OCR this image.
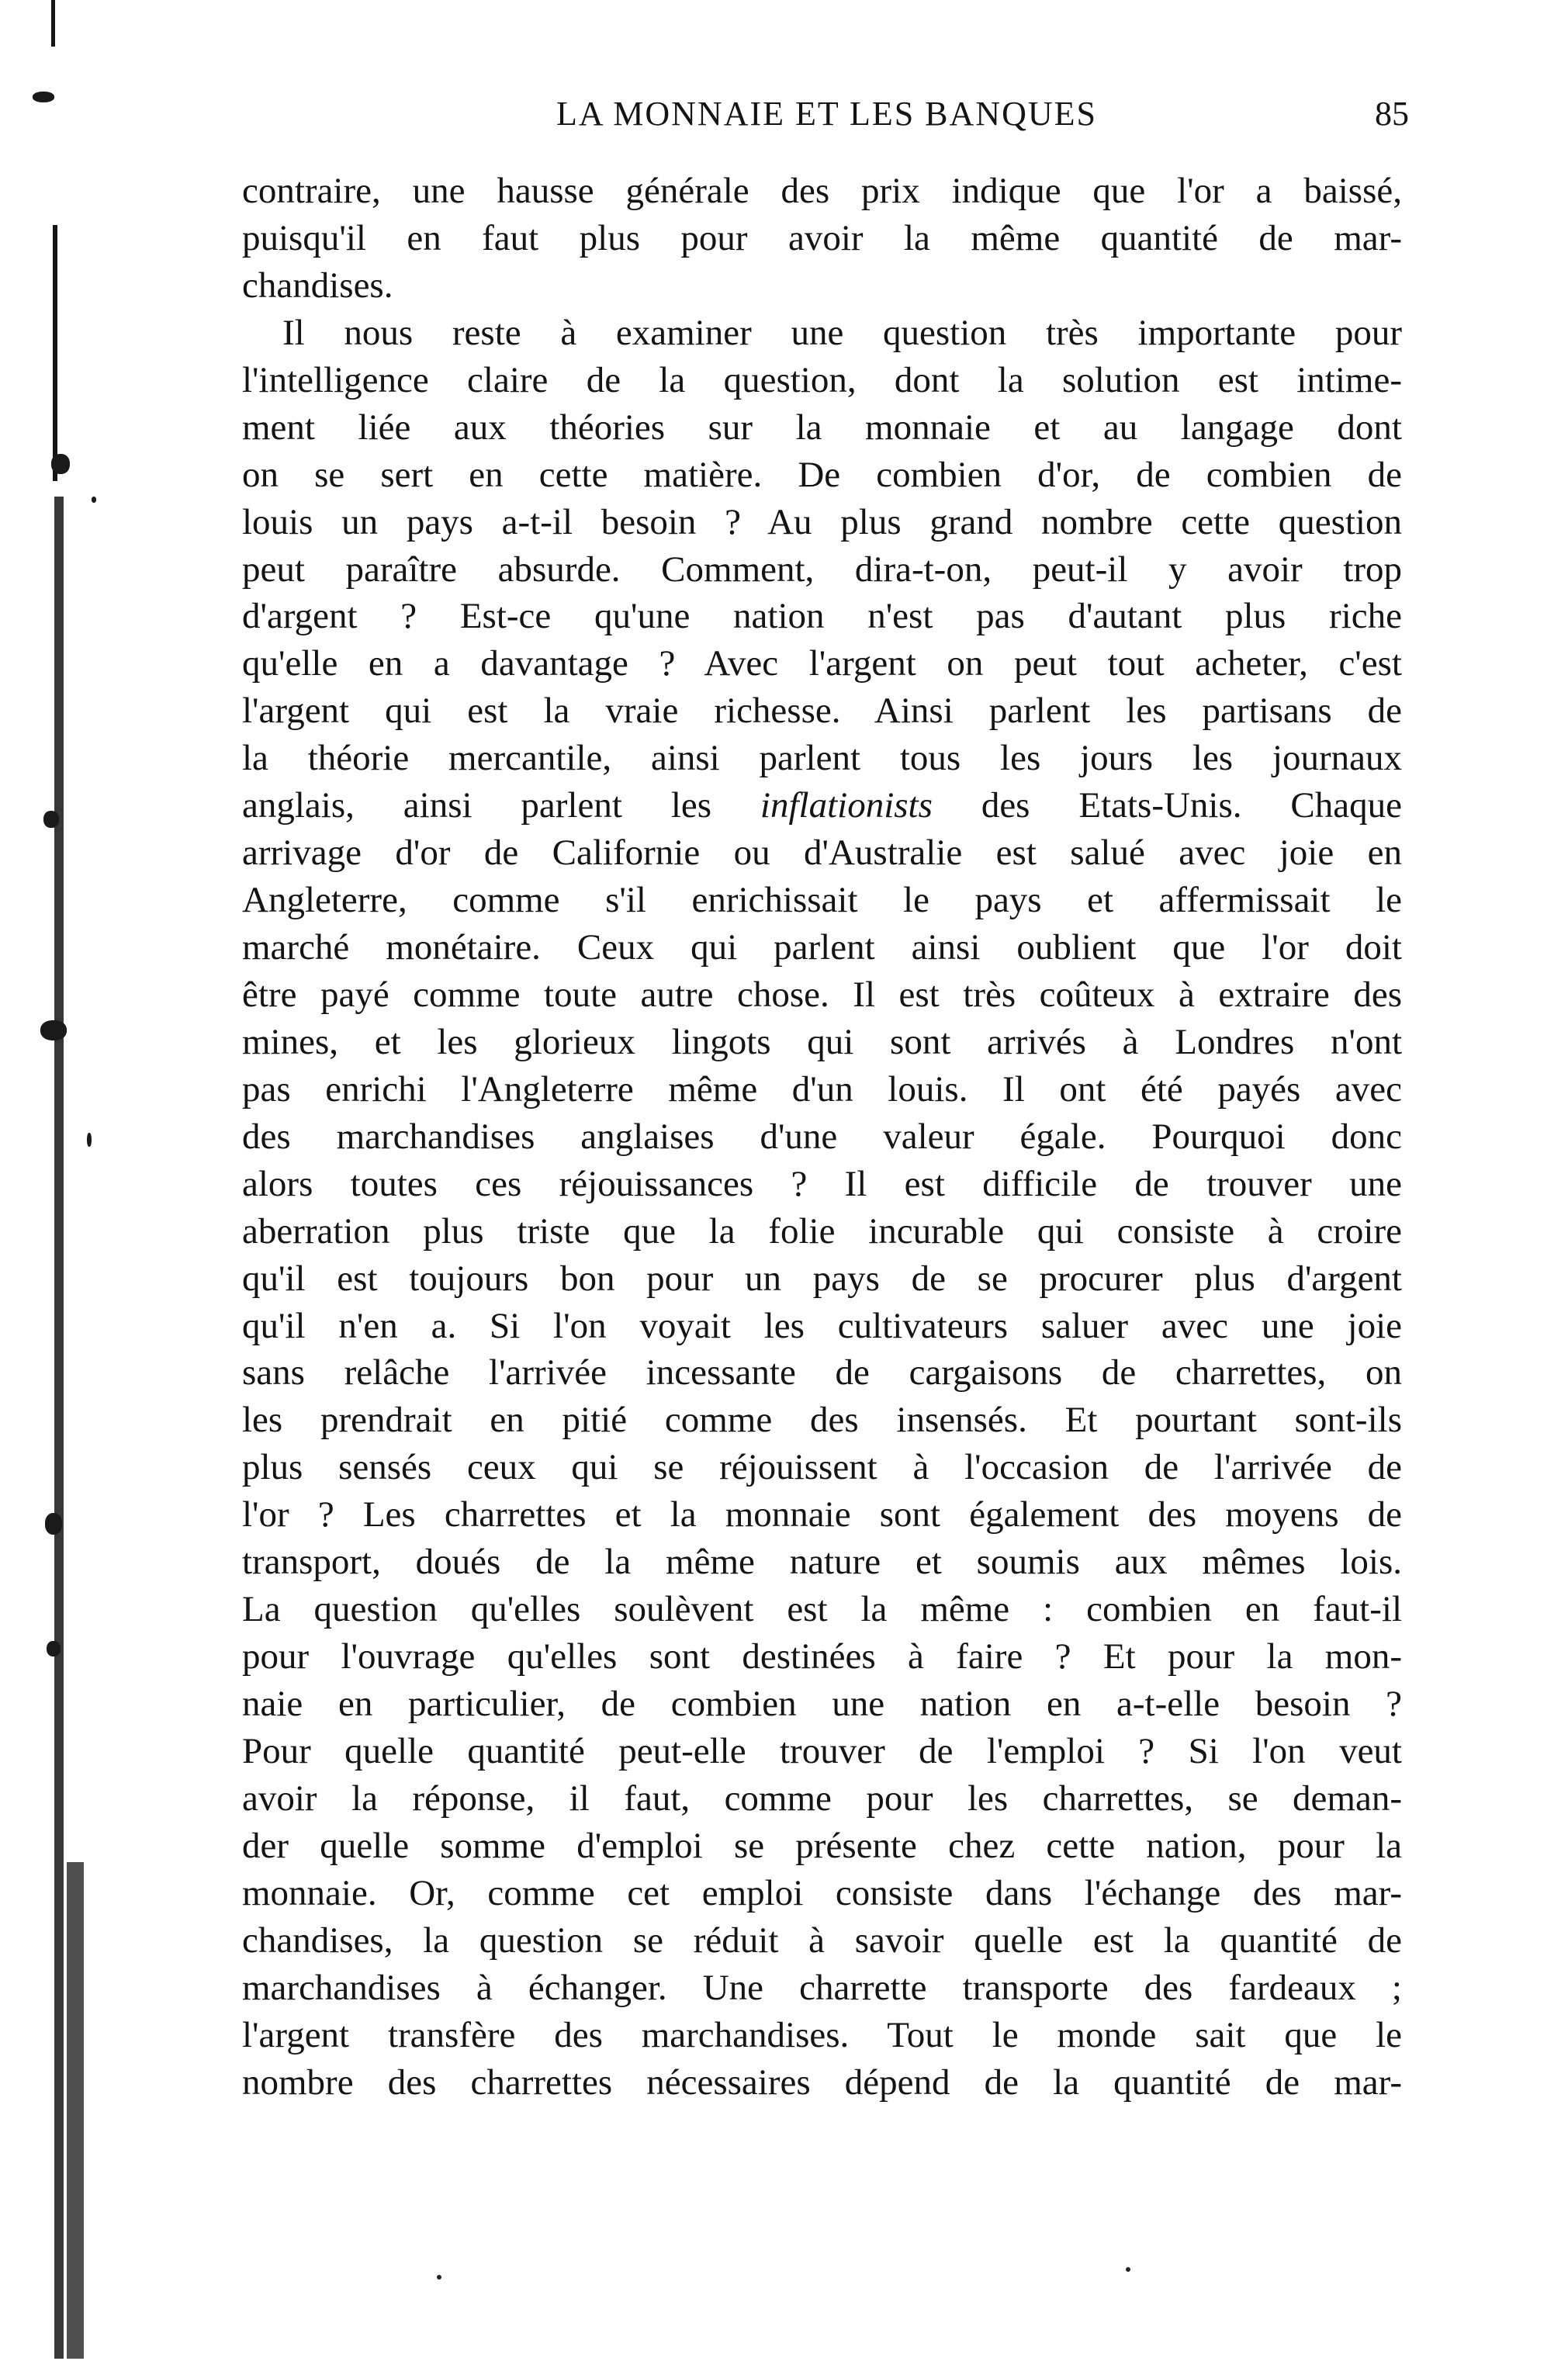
LA MONNAIE ET LES BANQUES	85
contraire, une hausse générale des prix indique que l'or a baissé,
puisqu'il en faut plus pour avoir la même quantité de mar-
chandises.
Il nous reste à examiner une question très importante pour
l'intelligence claire de la question, dont la solution est intime-
ment liée aux théories sur la monnaie et au langage dont
on se sert en cette matière. De combien d'or, de combien de
louis un pays a-t-il besoin ? Au plus grand nombre cette question
peut paraître absurde. Comment, dira-t-on, peut-il y avoir trop
d'argent ? Est-ce qu'une nation n'est pas d'autant plus riche
qu'elle en a davantage ? Avec l'argent on peut tout acheter, c'est
l'argent qui est la vraie richesse. Ainsi parlent les partisans de
la théorie mercantile, ainsi parlent tous les jours les journaux
anglais, ainsi parlent les inflationists des Etats-Unis. Chaque
arrivage d'or de Californie ou d'Australie est salué avec joie en
Angleterre, comme s'il enrichissait le pays et affermissait le
marché monétaire. Ceux qui parlent ainsi oublient que l'or doit
être payé comme toute autre chose. Il est très coûteux à extraire des
mines, et les glorieux lingots qui sont arrivés à Londres n'ont
pas enrichi l'Angleterre même d'un louis. Il ont été payés avec
des marchandises anglaises d'une valeur égale. Pourquoi donc
alors toutes ces réjouissances ? Il est difficile de trouver une
aberration plus triste que la folie incurable qui consiste à croire
qu'il est toujours bon pour un pays de se procurer plus d'argent
qu'il n'en a. Si l'on voyait les cultivateurs saluer avec une joie
sans relâche l'arrivée incessante de cargaisons de charrettes, on
les prendrait en pitié comme des insensés. Et pourtant sont-ils
plus sensés ceux qui se réjouissent à l'occasion de l'arrivée de
l'or ? Les charrettes et la monnaie sont également des moyens de
transport, doués de la même nature et soumis aux mêmes lois.
La question qu'elles soulèvent est la même : combien en faut-il
pour l'ouvrage qu'elles sont destinées à faire ? Et pour la mon-
naie en particulier, de combien une nation en a-t-elle besoin ?
Pour quelle quantité peut-elle trouver de l'emploi ? Si l'on veut
avoir la réponse, il faut, comme pour les charrettes, se deman-
der quelle somme d'emploi se présente chez cette nation, pour la
monnaie. Or, comme cet emploi consiste dans l'échange des mar-
chandises, la question se réduit à savoir quelle est la quantité de
marchandises à échanger. Une charrette transporte des fardeaux ;
l'argent transfère des marchandises. Tout le monde sait que le
nombre des charrettes nécessaires dépend de la quantité de mar-
